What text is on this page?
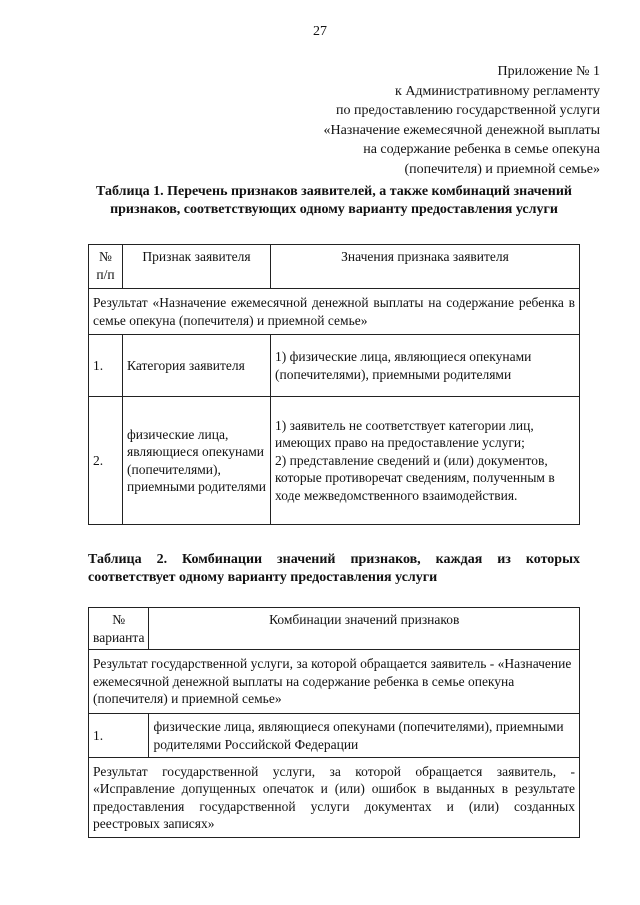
27
Приложение № 1
к Административному регламенту
по предоставлению государственной услуги
«Назначение ежемесячной денежной выплаты
на содержание ребенка в семье опекуна
(попечителя) и приемной семье»
Таблица 1. Перечень признаков заявителей, а также комбинаций значений признаков, соответствующих одному варианту предоставления услуги
№ п/п	Признак заявителя	Значения признака заявителя
Результат «Назначение ежемесячной денежной выплаты на содержание ребенка в семье опекуна (попечителя) и приемной семье»		
1.	Категория заявителя	1) физические лица, являющиеся опекунами (попечителями), приемными родителями
2.	физические лица, являющиеся опекунами (попечителями), приемными родителями	1) заявитель не соответствует категории лиц, имеющих право на предоставление услуги;
2) представление сведений и (или) документов, которые противоречат сведениям, полученным в ходе межведомственного взаимодействия.
Таблица 2. Комбинации значений признаков, каждая из которых соответствует одному варианту предоставления услуги
№ варианта	Комбинации значений признаков
Результат государственной услуги, за которой обращается заявитель - «Назначение ежемесячной денежной выплаты на содержание ребенка в семье опекуна (попечителя) и приемной семье»	
1.	физические лица, являющиеся опекунами (попечителями), приемными родителями Российской Федерации
Результат государственной услуги, за которой обращается заявитель, - «Исправление допущенных опечаток и (или) ошибок в выданных в результате предоставления государственной услуги документах и (или) созданных реестровых записях»	
